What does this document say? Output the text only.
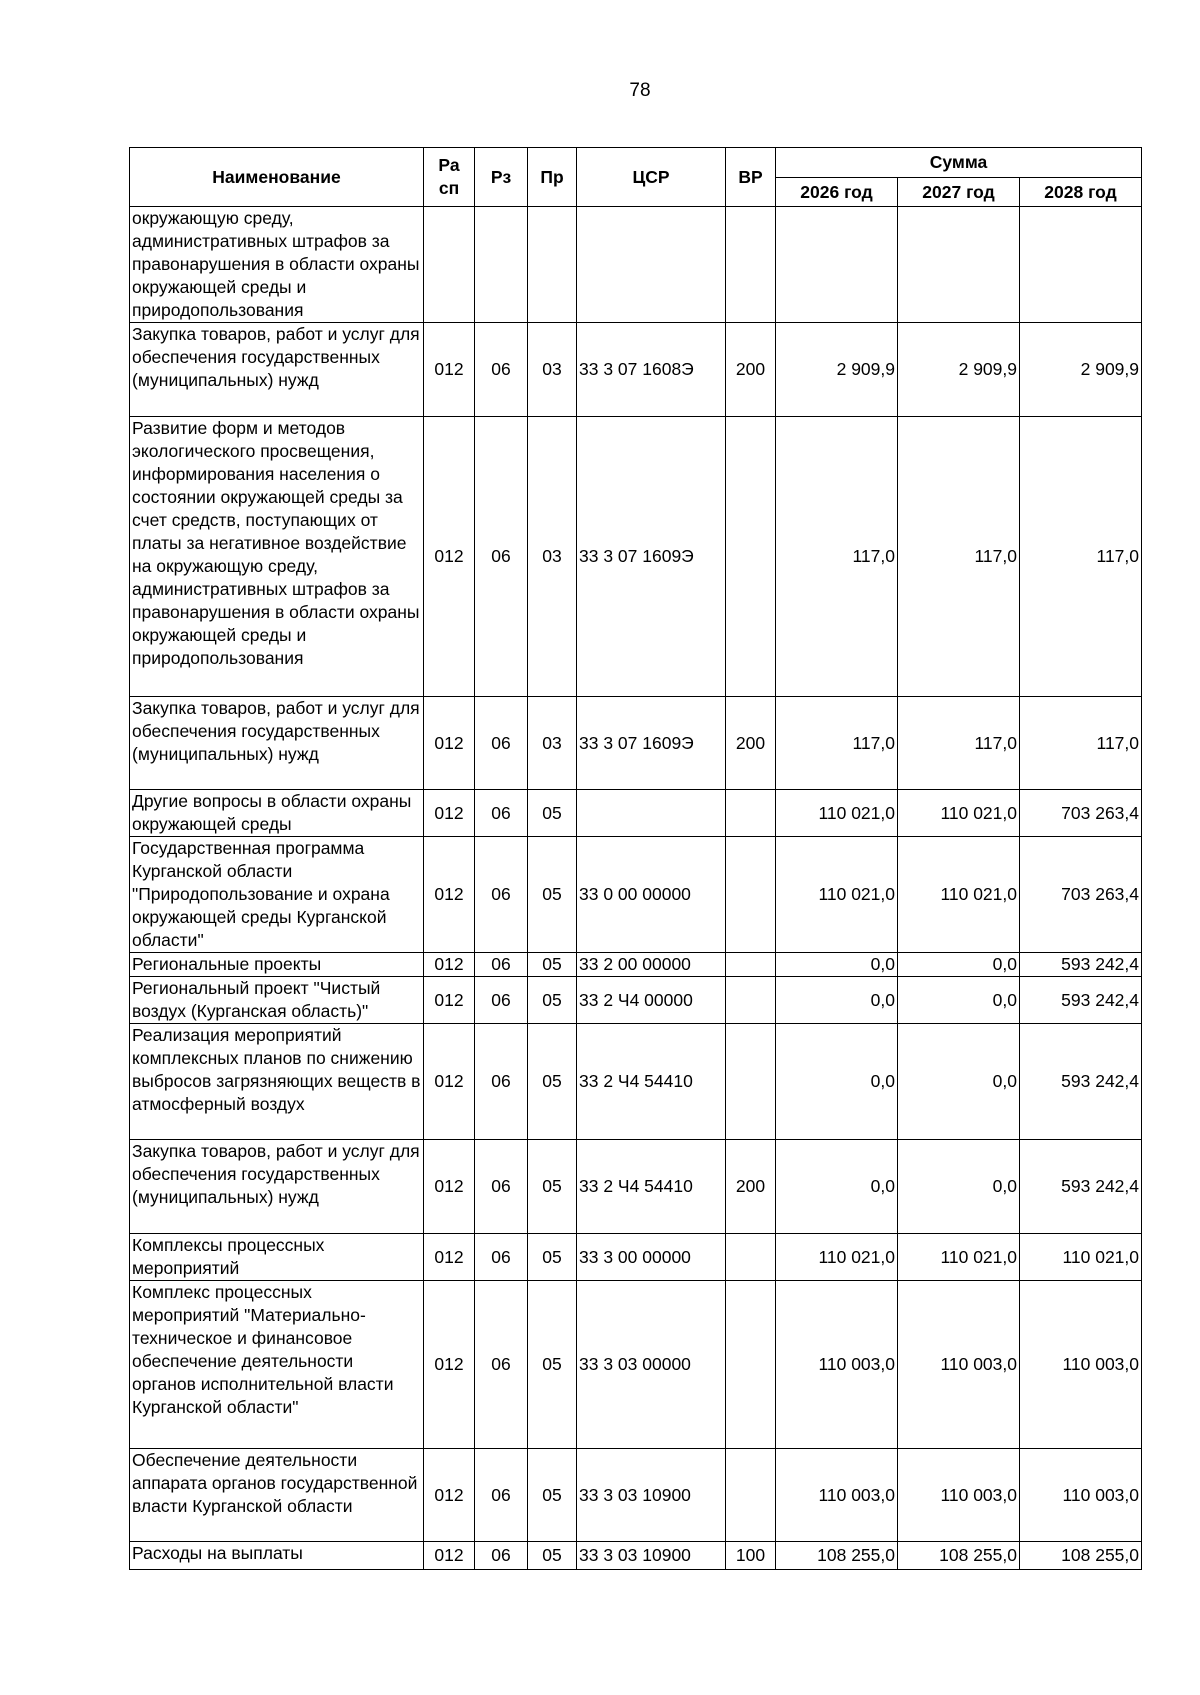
78
Наименование	Ра сп	Рз	Пр	ЦСР	ВР	Сумма		
						2026 год	2027 год	2028 год
окружающую среду, административных штрафов за правонарушения в области охраны окружающей среды и природопользования								
Закупка товаров, работ и услуг для обеспечения государственных (муниципальных) нужд	012	06	03	33 3 07 1608Э	200	2 909,9	2 909,9	2 909,9
Развитие форм и методов экологического просвещения, информирования населения о состоянии окружающей среды за счет средств, поступающих от платы за негативное воздействие на окружающую среду, административных штрафов за правонарушения в области охраны окружающей среды и природопользования	012	06	03	33 3 07 1609Э		117,0	117,0	117,0
Закупка товаров, работ и услуг для обеспечения государственных (муниципальных) нужд	012	06	03	33 3 07 1609Э	200	117,0	117,0	117,0
Другие вопросы в области охраны окружающей среды	012	06	05			110 021,0	110 021,0	703 263,4
Государственная программа Курганской области "Природопользование и охрана окружающей среды Курганской области"	012	06	05	33 0 00 00000		110 021,0	110 021,0	703 263,4
Региональные проекты	012	06	05	33 2 00 00000		0,0	0,0	593 242,4
Региональный проект "Чистый воздух (Курганская область)"	012	06	05	33 2 Ч4 00000		0,0	0,0	593 242,4
Реализация мероприятий комплексных планов по снижению выбросов загрязняющих веществ в атмосферный воздух	012	06	05	33 2 Ч4 54410		0,0	0,0	593 242,4
Закупка товаров, работ и услуг для обеспечения государственных (муниципальных) нужд	012	06	05	33 2 Ч4 54410	200	0,0	0,0	593 242,4
Комплексы процессных мероприятий	012	06	05	33 3 00 00000		110 021,0	110 021,0	110 021,0
Комплекс процессных мероприятий "Материально-техническое и финансовое обеспечение деятельности органов исполнительной власти Курганской области"	012	06	05	33 3 03 00000		110 003,0	110 003,0	110 003,0
Обеспечение деятельности аппарата органов государственной власти Курганской области	012	06	05	33 3 03 10900		110 003,0	110 003,0	110 003,0
Расходы на выплаты	012	06	05	33 3 03 10900	100	108 255,0	108 255,0	108 255,0
